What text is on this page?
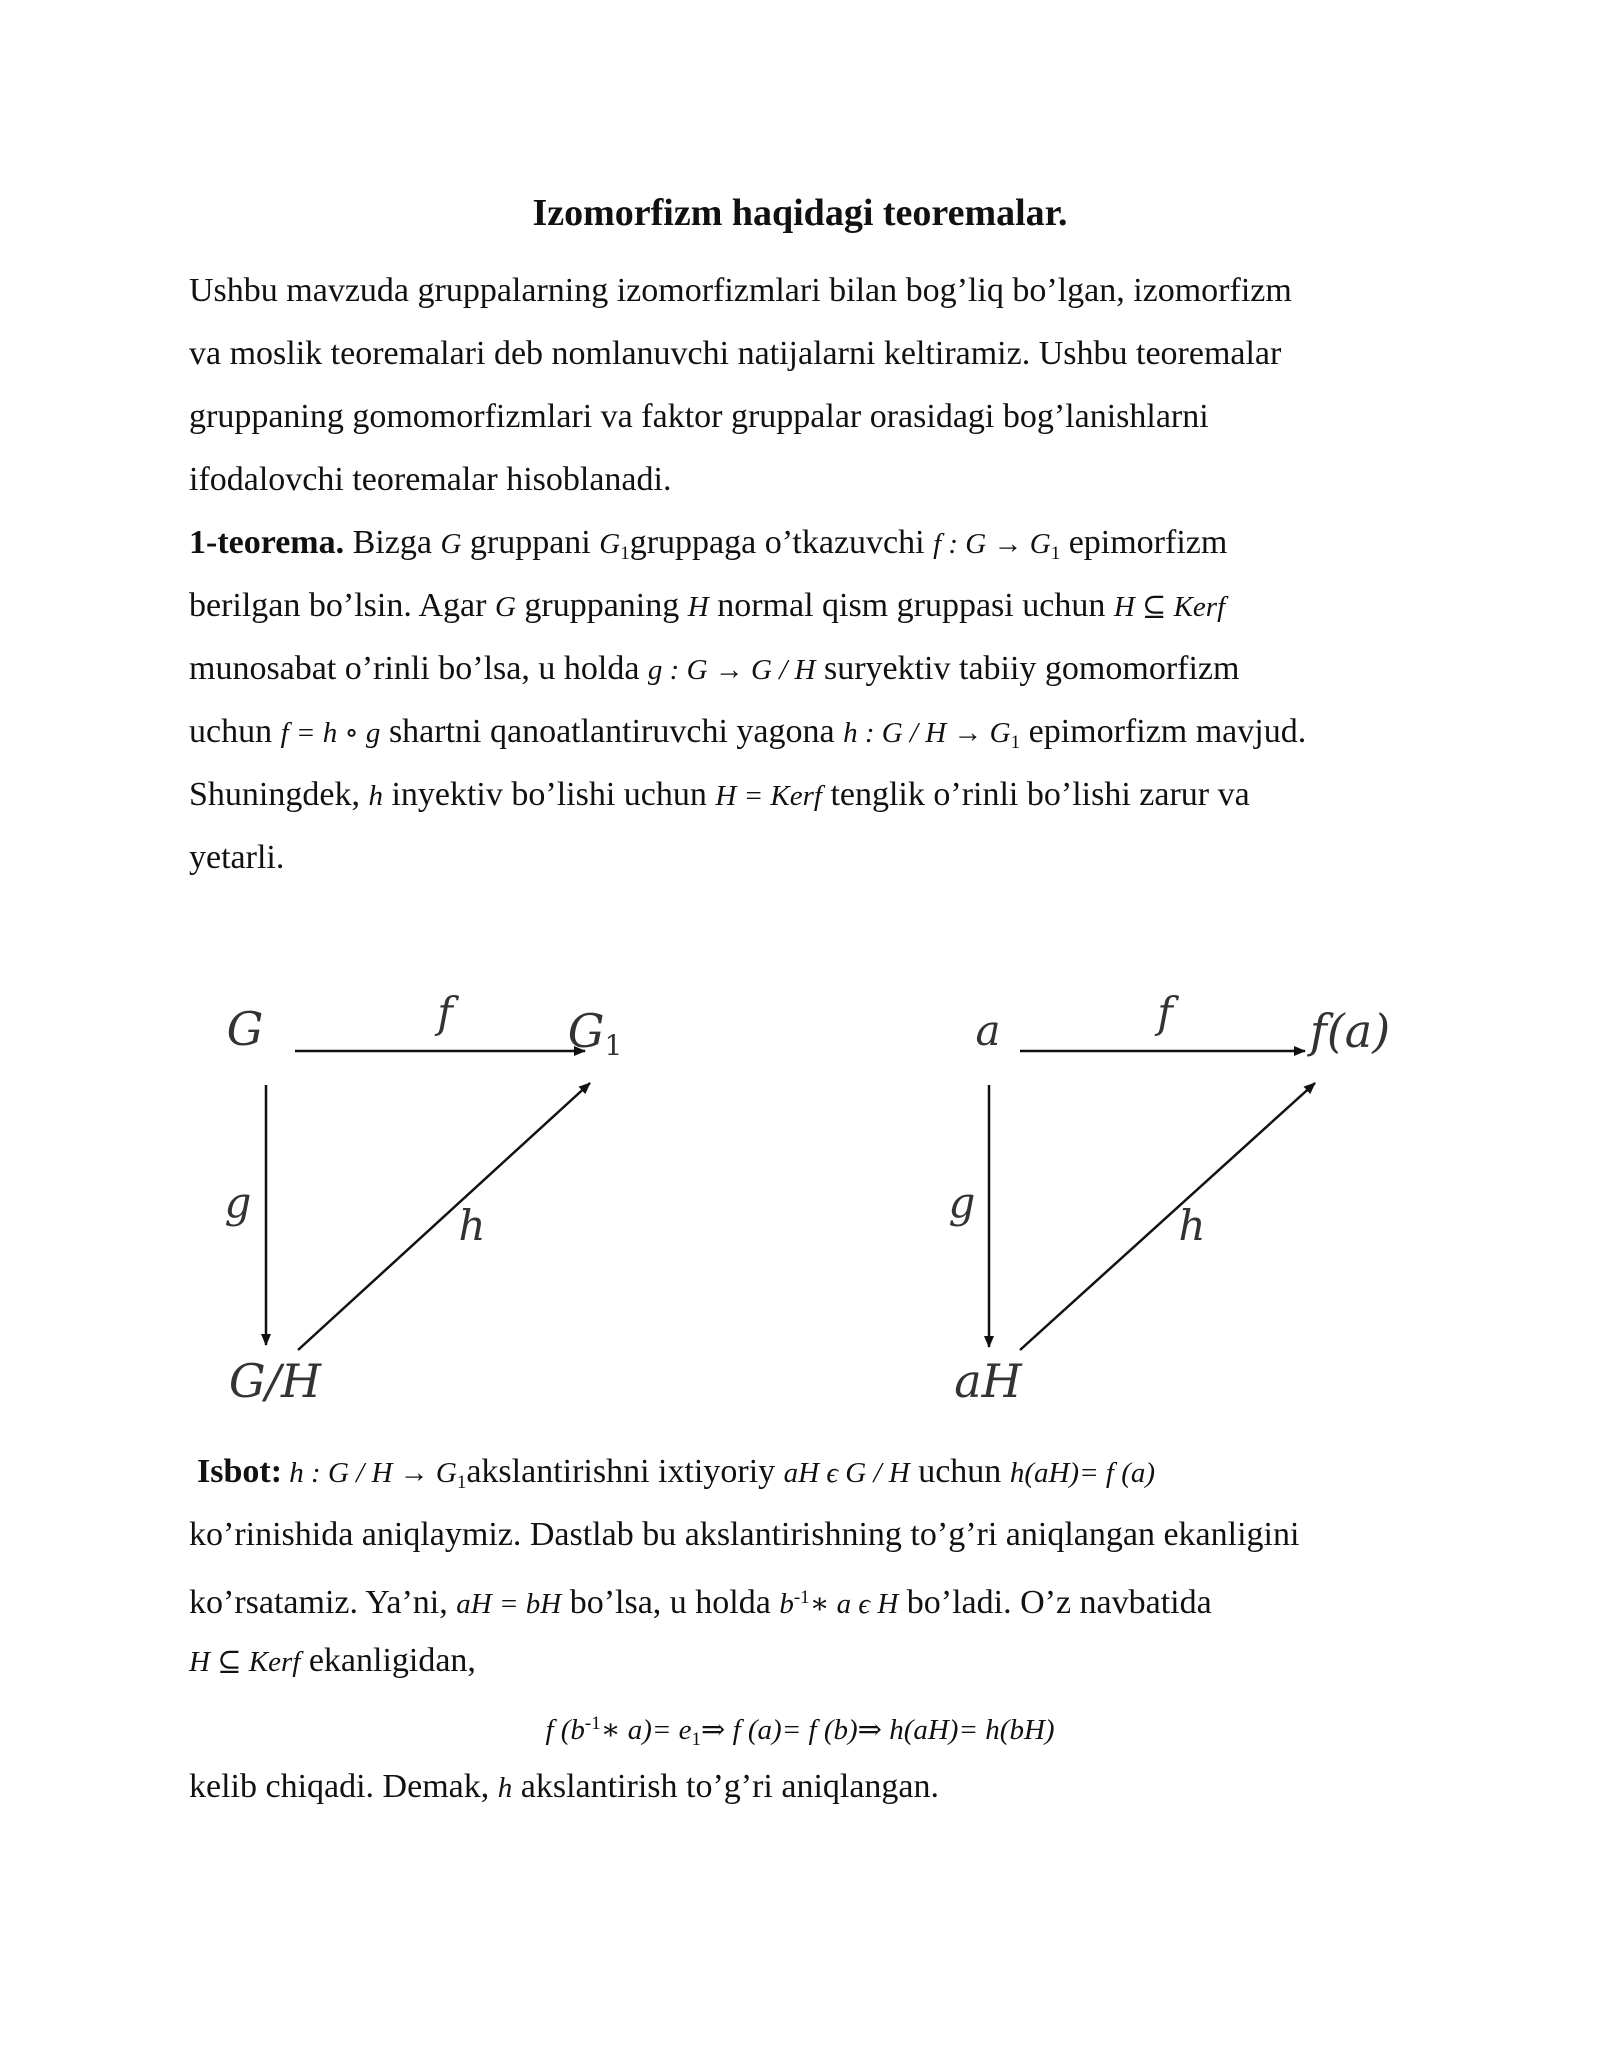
Izomorfizm haqidagi teoremalar.
Ushbu mavzuda gruppalarning izomorfizmlari bilan bog’liq bo’lgan, izomorfizm
va moslik teoremalari deb nomlanuvchi natijalarni keltiramiz. Ushbu teoremalar
gruppaning gomomorfizmlari va faktor gruppalar orasidagi bog’lanishlarni
ifodalovchi teoremalar hisoblanadi.
1-teorema. Bizga G gruppani $G_1gruppaga$ o’tkazuvchi f : $G \to G_1$ epimorfizm
berilgan bo’lsin. Agar G gruppaning H normal qism gruppasi uchun H ⊆ Kerf
munosabat o’rinli bo’lsa, u holda g : G → G / H suryektiv tabiiy gomomorfizm
uchun f = h ∘ g shartni qanoatlantiruvchi yagona h : $G / H \to G_1$ epimorfizm mavjud.
Shuningdek, h inyektiv bo’lishi uchun H = Kerf tenglik o’rinli bo’lishi zarur va
yetarli.
G	G1
G/H
f
g	h
a	f(a)
aH
f
g	h
Isbot: h : $G / H \to G_1akslantirishni$ ixtiyoriy aH ϵ G / H uchun h(aH)= f (a)
ko’rinishida aniqlaymiz. Dastlab bu akslantirishning to’g’ri aniqlangan ekanligini
ko’rsatamiz. Ya’ni, aH = bH bo’lsa, u holda $b^{-1}∗$ a ϵ H bo’ladi. O’z navbatida
H ⊆ Kerf ekanligidan,
f ($b^{-1}∗$ $a)= e_1\Rightarrow$ f (a)= f (b)⇒ h(aH)= h(bH)
kelib chiqadi. Demak, h akslantirish to’g’ri aniqlangan.
